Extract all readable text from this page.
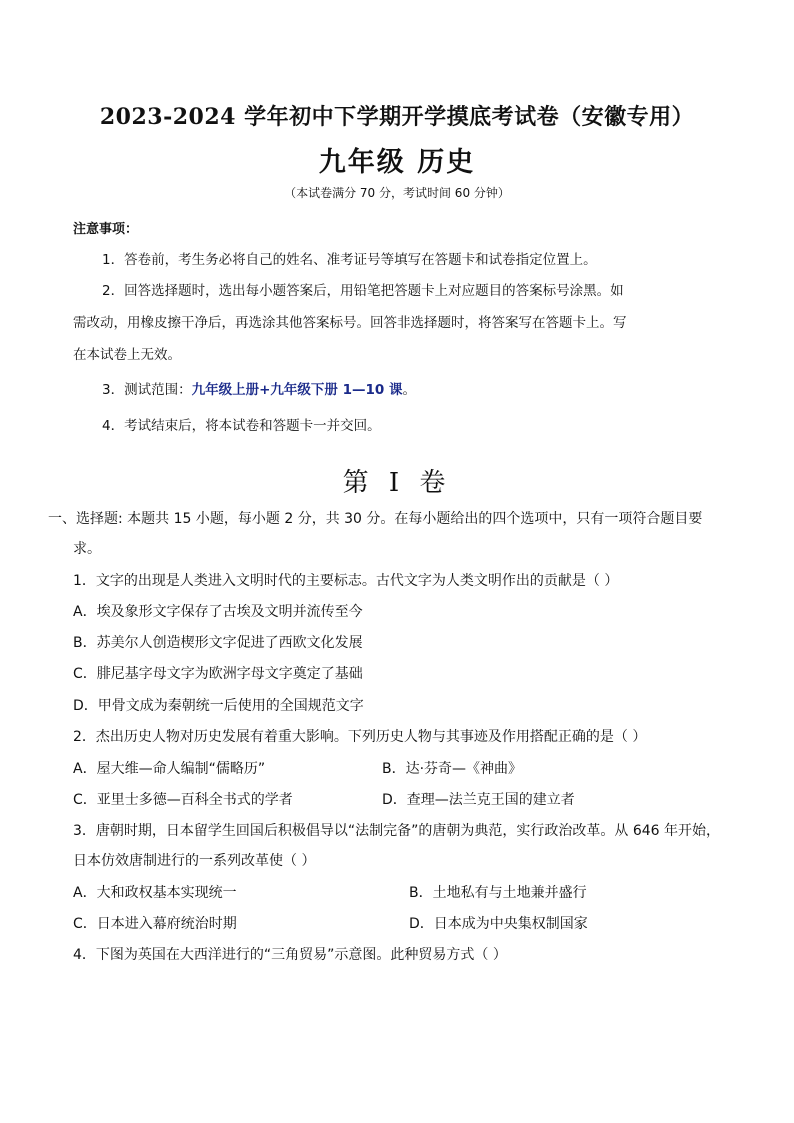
2023-2024 学年初中下学期开学摸底考试卷（安徽专用）
九年级 历史
（本试卷满分 70 分，考试时间 60 分钟）
注意事项：
1．答卷前，考生务必将自己的姓名、准考证号等填写在答题卡和试卷指定位置上。
2．回答选择题时，选出每小题答案后，用铅笔把答题卡上对应题目的答案标号涂黑。如
需改动，用橡皮擦干净后，再选涂其他答案标号。回答非选择题时，将答案写在答题卡上。写
在本试卷上无效。
3．测试范围：九年级上册+九年级下册 1—10 课。
4．考试结束后，将本试卷和答题卡一并交回。
第 I 卷
一、选择题: 本题共 15 小题，每小题 2 分，共 30 分。在每小题给出的四个选项中，只有一项符合题目要
求。
1．文字的出现是人类进入文明时代的主要标志。古代文字为人类文明作出的贡献是（ ）
A．埃及象形文字保存了古埃及文明并流传至今
B．苏美尔人创造楔形文字促进了西欧文化发展
C．腓尼基字母文字为欧洲字母文字奠定了基础
D．甲骨文成为秦朝统一后使用的全国规范文字
2．杰出历史人物对历史发展有着重大影响。下列历史人物与其事迹及作用搭配正确的是（ ）
A．屋大维—命人编制“儒略历”	B．达·芬奇—《神曲》
C．亚里士多德—百科全书式的学者	D．查理—法兰克王国的建立者
3．唐朝时期，日本留学生回国后积极倡导以“法制完备”的唐朝为典范，实行政治改革。从 646 年开始，
日本仿效唐制进行的一系列改革使（ ）
A．大和政权基本实现统一	B．土地私有与土地兼并盛行
C．日本进入幕府统治时期	D．日本成为中央集权制国家
4．下图为英国在大西洋进行的“三角贸易”示意图。此种贸易方式（ ）
